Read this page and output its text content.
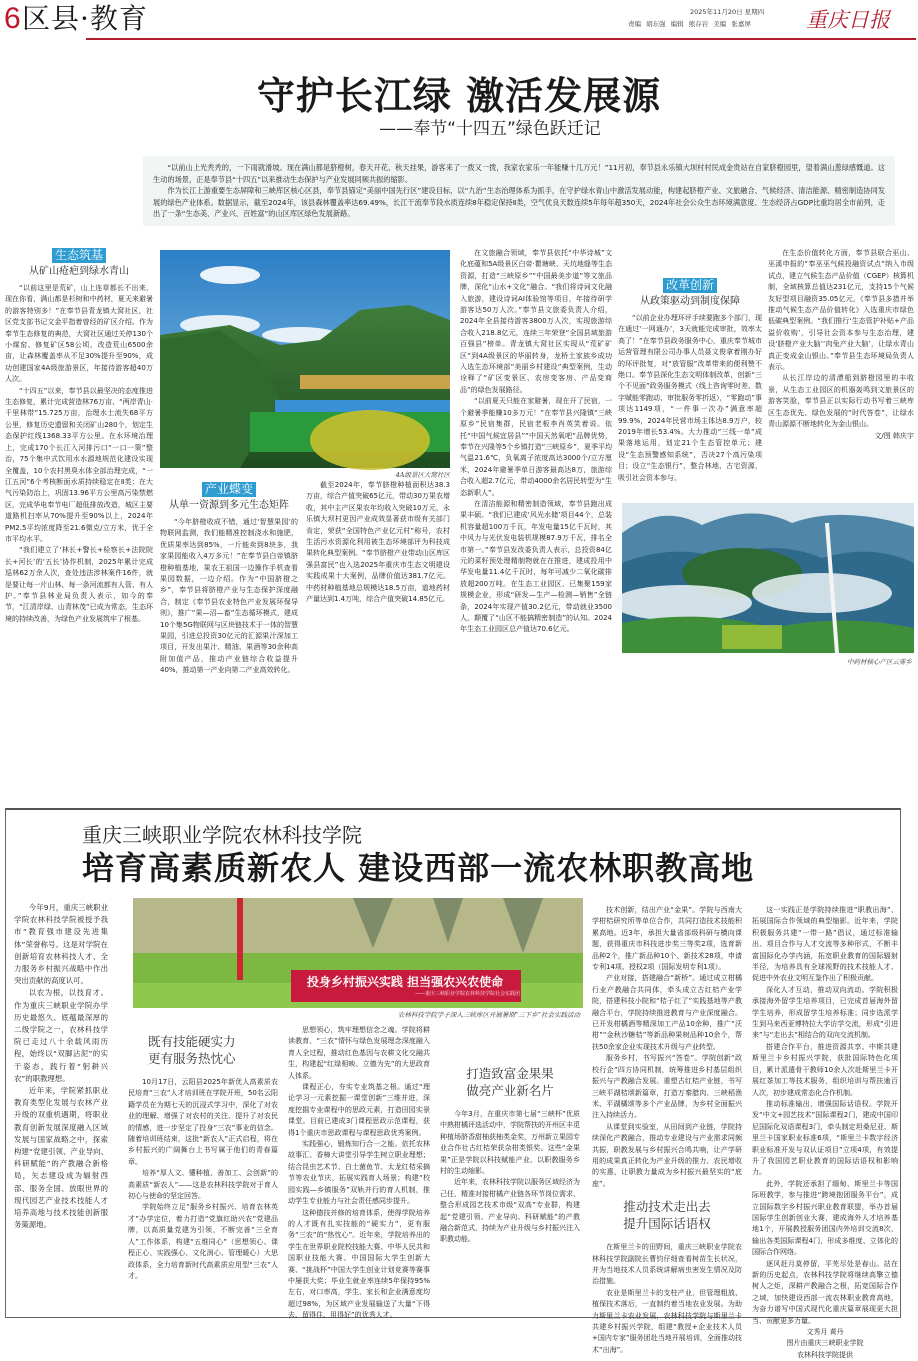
6 区县·教育	2025年11月20日 星期四
责编 胡东强 编辑 熊存岩 美编 张嘉屏	重庆日报
守护长江绿 激活发展源
——奉节“十四五”绿色跃迁记

“以前山上光秃秃的，一下雨就滑坡。现在满山都是脐橙树，春天开花、秋天挂果，游客来了一拨又一拨，我家农家乐一年能赚十几万元！”11月初，奉节县永乐镇大坝村村民成金贵站在自家脐橙园里，望着满山葱绿感慨道。这生动的场景，正是奉节县“十四五”以来推动生态保护与产业发展同频共振的缩影。

作为长江上游重要生态屏障和三峡库区核心区县，奉节县锚定“美丽中国先行区”建设目标，以“九治”生态治理体系为抓手，在守护绿水青山中激活发展动能，构建起脐橙产业、文旅融合、气候经济、清洁能源、精密制造协同发展的绿色产业体系。数据显示，截至2024年，该县森林覆盖率达69.49%，长江干流奉节段水质连续8年稳定保持Ⅱ类，空气优良天数连续5年每年超350天，2024年社会公众生态环境满意度、生态经济占GDP比重均居全市前列，走出了一条“生态美、产业兴、百姓富”的山区库区绿色发展新路。

生态筑基

从矿山疮疤到绿水青山

“以前这里是荒矿，山上连草都长不出来，现在你看，满山都是杉树和中药材，夏天来避暑的游客特别多！”在奉节县青龙镇大窝社区，社区党支部书记文金平指着曾经的矿区介绍。作为奉节生态修复的典范，大窝社区通过关停130个小煤窑、修复矿区58公顷、改造荒山6500余亩，让森林覆盖率从不足30%提升至90%，成功创建国家4A级旅游景区，年接待游客超40万人次。

“十四五”以来，奉节县以最坚决的态度推进生态修复，累计完成营造林76万亩、“两岸青山·千里林带”15.725万亩，治理水土流失68平方公里，修复历史遗留和关闭矿山280个，划定生态保护红线1368.33平方公里。在水环境治理上，完成170个长江入河排污口“一口一策”整治，75个集中式饮用水水源地规范化建设实现全覆盖，10个农村黑臭水体全部治理完成，“一江五河”6个考核断面水质持续稳定在Ⅱ类；在大气污染防治上，巩固13.96平方公里高污染禁燃区，完成华电奉节电厂超低排放改造，城区主要道路机扫率从70%提升至90%以上，2024年PM2.5平均浓度降至21.6微克/立方米，优于全市平均水平。

“我们建立了‘林长+警长+检察长+法院院长+河长’的‘五长’协作机制，2025年累计完成巡林62万余人次，查处违法涉林案件16件，就是要让每一片山林、每一条河流都有人管、有人护。”奉节县林业局负责人表示，如今的奉节，“江清岸绿、山青林茂”已成为常态，生态环境的持续改善，为绿色产业发展筑牢了根基。

4A级景区大窝社区
产业蝶变

从单一资源到多元生态矩阵

“今年脐橙收成不错，通过‘智慧果园’的物联网监测，我们能精准控制浇水和施肥，优质果率达到85%，一斤能卖到8块多，我家果园能收入4万多元！”在奉节县白帝镇脐橙种植基地，果农王祖国一边操作手机查看果园数据，一边介绍。作为“中国脐橙之乡”，奉节县将脐橙产业与生态保护深度融合，制定《奉节县农业特色产业发展环保导则》，推广“果—沼—畜”生态循环模式，建成10个集5G物联网与区块链技术于一体的智慧果园，引进总投资30亿元的汇源果汁深加工项目，开发出果汁、精油、果酒等30余种高附加值产品，推动产业链综合收益提升40%，推动第一产业向第二产业高效转化。

截至2024年，奉节脐橙种植面积达38.3万亩，综合产值突破65亿元，带动30万果农增收，其中主产区果农年均收入突破10万元，永乐镇大坝村更因产业成效显著获市级有关部门肯定，荣获“全国特色产业亿元村”称号，农村生活污水资源化利用被生态环境部评为科技成果转化典型案例。“奉节脐橙产业带动山区库区强县富民”也入选2025年重庆市生态文明建设实践成果十大案例，品牌价值达381.7亿元。中药材种植基地总规模达18.5万亩，道地药材产量达到1.4万吨，综合产值突破14.85亿元。

在文旅融合领域，奉节县依托“中华诗城”文化底蕴和5A级景区白帝·瞿塘峡、天坑地缝等生态资源，打造“三峡原乡”“中国最美步道”等文旅品牌，深化“山水+文化”融合。“我们将诗词文化融入旅游，建设诗词AI体验馆等项目，年接待研学游客达50万人次。”奉节县文旅委负责人介绍，2024年全县接待游客3800万人次，实现旅游综合收入218.8亿元，连续三年荣登“全国县域旅游百强县”榜单。青龙镇大窝社区实现从“荒矿矿区”到4A级景区的华丽转身，龙桥土家族乡成功入选生态环境部“美丽乡村建设”典型案例，生动诠释了“矿区变景区、农房变客房、产品变商品”的绿色发展路径。

“以前夏天只能在家避暑，现在开了民宿，一个避暑季能赚10多万元！”在奉节县兴隆镇“三峡原乡”民宿集群，民宿老板李肖英笑着说。依托“中国气候宜居县”“中国天然氧吧”品牌优势，奉节在兴隆等5个乡镇打造“三峡原乡”，夏季平均气温21.6℃，负氧离子浓度高达3000个/立方厘米，2024年避暑季单日游客最高达8万，旅游综合收入超2.7亿元，带动4000余名居民转型为“生态新职人”。

在清洁能源和精密制造领域，奉节县跑出成果丰硕。“我们已建成‘风光水储’项目44个，总装机容量超100万千瓦，年发电量15亿千瓦时，其中风力与光伏发电装机规模87.9万千瓦，排名全市第一。”奉节县发改委负责人表示，总投资84亿元的菜籽预处理精制物就在在推进，建成投用中华发电量11.4亿千瓦时，每年可减少二氧化碳排放超200万吨。在生态工业园区，已集聚159家规模企业，形成“研发—生产—检测—销售”全链条，2024年实现产值30.2亿元，带动就业3500人，颠覆了“山区不能搞精密制造”的认知。2024年生态工业园区总产值达70.6亿元。

改革创新

从政策驱动到制度保障

“以前企业办理环评手续要跑多个部门，现在通过‘一网通办’，3天就能完成审批，效率太高了！”在奉节县政务服务中心，重庆奉节城市运营管理有限公司办事人员聂文俊拿着刚办好的环评批复，对“放管服”改革带来的便利赞不绝口。奉节县深化生态文明体制改革，创新“三个不见面”政务服务模式（线上咨询零时差、数字赋能零跑动、审批服务零折返），“零跑动”事项达1149项，“一件事一次办”满意率超99.9%，2024年民营市场主体达8.9万户，较2019年增长53.4%。大力推动“三线一单”成果落地运用，划定21个生态管控单元；建设“生态预警感知系统”，否决27个高污染项目；设立“生态银行”，整合林地、古宅资源，吸引社会资本参与。

在生态价值转化方面，奉节县联合巫山、巫溪申报的“奉巫巫气候投融资试点”纳入市级试点，建立气候生态产品价值（CGEP）核算机制，全域核算总值达231亿元，支持15个气候友好型项目融资35.05亿元，《奉节县多措并举推动气候生态产品价值转化》入选重庆市绿色低碳典型案例。“我们推行‘生态管护补贴+产品溢价收购’，引导社会资本参与生态治理，建设‘脐橙产业大脑’‘肉兔产业大脑’，让绿水青山真正变成金山银山。”奉节县生态环境局负责人表示。

从长江岸边的清漂船到脐橙园里的丰收景，从生态工业园区的机器轰鸣到文旅景区的游客笑脸，奉节县正以实际行动书写着三峡库区生态优先、绿色发展的“时代答卷”，让绿水青山源源不断地转化为金山银山。

文/图 韩庆宇

中药材核心产区云雾乡
重庆三峡职业学院农林科技学院
培育高素质新农人 建设西部一流农林职教高地

今年9月，重庆三峡职业学院农林科技学院被授予我市“教育强市建设先进集体”荣誉称号。这是对学院在创新培育农林科技人才、全力服务乡村振兴战略中作出突出贡献的高度认可。

以农为根，以技育才。作为重庆三峡职业学院办学历史最悠久、底蕴最深厚的二级学院之一，农林科技学院已走过八十余载风雨历程，始终以“双脚沾泥”的实干姿态，践行着“躬耕兴农”的职教理想。

近年来，学院紧抓职业教育类型化发展与农林产业升级的双重机遇期，将职业教育创新发展深度融入区域发展与国家战略之中，探索构建“党建引领、产业导向、科研赋能”的产教融合新格局，矢志建设成为辐射西部、服务全国、放眼世界的现代园艺产业技术技能人才培养高地与技术技能创新服务策源地。

投身乡村振兴实践 担当强农兴农使命
——重庆三峡职业学院农林科技学院社会实践团
农林科技学院学子深入三峡库区开展暑期“三下乡”社会实践活动

既有技能硬实力
更有服务热忱心

10月17日，云阳县2025年新优人高素质农民培育“三农”人才培训班在学院开班，50名云阳籍学员在为期七天的沉浸式学习中，深化了对农业的理解、增强了对农村的关注、提升了对农民的情感，进一步坚定了投身“三农”事业的信念。随着培训班结束，这批“新农人”正式启程，将在乡村振兴的广阔舞台上书写属于他们的青春篇章。

培养“厚人文、懂种植、善加工、会创新”的高素质“新农人”——这是农林科技学院对于育人初心与使命的坚定回答。

学院始终立足“服务乡村振兴、培育农林英才”办学定位，着力打造“党旗红助兴农”党建品牌，以高质量党建为引领，不断完善“三全育人”工作体系，构建“五维同心”（思想领心、课程正心、实践强心、文化润心、管理暖心）大思政体系，全力培育新时代高素质应用型“三农”人才。

思想领心，筑牢理想信念之魂。学院将耕读教育、“三农”情怀与绿色发展理念深度融入育人全过程，推动红色基因与农耕文化交融共生，构建起“红绿相映、立德为先”的大思政育人体系。

课程正心，夯实专业筑基之根。通过“理论学习一元素挖掘一课堂创新”三维并进，深度挖掘专业课程中的思政元素，打造田园实景课堂。目前已建成3门课程思政示范课程，获得1个重庆市思政课程与课程思政优秀案例。

实践强心，锻炼知行合一之能。依托农林故事汇、香樟大讲堂引导学生树立职业理想；结合昆虫艺术节、白土菌鱼节、太龙红桔采摘节等农业节庆，拓展实践育人场景；构建“校园实践—乡镇服务”双轨并行的育人机制，推动学生专业能力与社会责任感同步提升。

这种德技并修的培育体系，使得学院培养的人才既有扎实技能的“硬实力”，更有服务“三农”的“热忱心”。近年来，学院培养出的学生在世界职业院校技能大赛、中华人民共和国职业技能大赛、中国国际大学生创新大赛、“挑战杯”中国大学生创业计划竞赛等赛事中屡获大奖；毕业生就业率连续5年保持95%左右，对口率高，学生、家长和企业满意度均超过98%，为区域产业发展输送了大量“下得去、留得住、用得好”的优秀人才。

打造致富金果果
做亮产业新名片

今年3月，在重庆市第七届“三峡杯”优质中熟柑橘评选活动中，学院帮扶的开州区丰觅种植场脐香甜柚获柚类金奖，万州新立果园专业合作社古红桔荣获杂柑类银奖。这些“金果果”正是学院以科技赋能产业、以职教服务乡村的生动缩影。

近年来，农林科技学院以服务区域经济为己任，精准对接柑橘产业链各环节岗位需求，整合形成园艺技术市级“双高”专业群，构建起“党建引领、产业导向、科研赋能”的产教融合新范式，持续为产业升级与乡村振兴注入职教动能。

技术创新，结出产业“金果”。学院与西南大学柑桔研究所等单位合作，共同打造技术技能积累高地。近3年，承担大量省部级科研与横向课题，获得重庆市科技进步奖三等奖2项，选育新品种2个，推广新品种10个、新技术28项，申请专利14项、授权2项（国际发明专利1项）。

产业对接，搭建融合“新桥”。通过成立柑橘行业产教融合共同体，牵头成立古红桔产业学院，搭建科技小院和“桔子红了”实践基地等产教融合平台，学院持续推进教育与产业深度融合。已开发柑橘酒等精深加工产品10余种，推广“沃柑”“金秋沙糖桔”等新品种果树品种10余个，帮扶50余家企业实现技术升级与产业转型。

服务乡村，书写振兴“答卷”。学院创新“政校行企”四方协同机制，统筹推进乡村基层组织振兴与产教融合发展。重塑古红桔产业链，书写三峡平湖桔颂新篇章，打造万秦腊肉、三峡稻渔米、平湖橘颂等多个产业品牌，为乡村全面振兴注入持续活力。

从课堂到实验室，从田间到产业链，学院持续深化产教融合，推动专业建设与产业需求同频共振，职教发展与乡村振兴合鸣共响，让产学研用的成果真正转化为产业升级的推力、农民增收的实惠，让职教力量成为乡村振兴最坚实的“底座”。

推动技术走出去
提升国际话语权

在斯里兰卡的田野间，重庆三峡职业学院农林科技学院副院长曹钧仔细查看树苗生长状况，并为当地技术人员系统讲解病虫害发生情况及防治措施。

农业是斯里兰卡的支柱产业，但管理粗放、植保技术落后，一直制约着当地农业发展。为助力斯里兰卡农业发展，农林科技学院与斯里兰卡共建乡村振兴学院，组建“教授+企业技术人员+国内专家”服务团赴当地开展培训，全面推动技术“出海”。

这一实践正是学院持续推进“职教出海”、拓展国际合作领域的典型缩影。近年来，学院积极服务共建“一带一路”倡议，通过标准输出、项目合作与人才交流等多种形式，不断丰富国际化办学内涵，拓宽职业教育的国际辐射半径，为培养具有全球视野的技术技能人才、促进中外农业文明互鉴作出了积极贡献。

深化人才互动，推动双向流动。学院积极承接海外留学生培养项目，已完成首届海外留学生培养，形成留学生培养标准；同步选派学生到马来西亚博特拉大学访学交流，形成“引进来”与“走出去”相结合的双向交流机制。

搭建合作平台，推进资源共享。中斯共建斯里兰卡乡村振兴学院，获批国际特色化项目，累计派遣骨干教师10余人次赴斯里兰卡开展红茶加工等技术服务，组织培训与帮扶逾百人次，初步建成常态化合作机制。

推动标准输出，增强国际话语权。学院开发“中文+园艺技术”国际课程2门，建成中国印尼国际化双语课程3门，牵头制定坦桑尼亚、斯里兰卡国家职业标准6项，“斯里兰卡数字经济职业标准开发与双认证项目”立项4项，有效提升了我国园艺职业教育的国际话语权和影响力。

此外，学院还承担了缅甸、斯里兰卡等国际班教学，参与推进“跨境抱团服务平台”，成立国际数字乡村振兴职业教育联盟，举办首届国际学生创新创业大赛，建成海外人才培养基地1个，开展教授服务团国内外培训交流8次，输出各类国际课程4门，形成多维度、立体化的国际合作网络。

逐风赶月莫停留，平芜尽处是春山。站在新的历史起点，农林科技学院将继续高擎立德树人之炬，深耕产教融合之根，拓宽国际合作之域，加快建设西部一流农林职业教育高地，为奋力谱写中国式现代化重庆篇章展现更大担当、贡献更多力量。

文秀月 黄丹

图片由重庆三峡职业学院

农林科技学院提供
